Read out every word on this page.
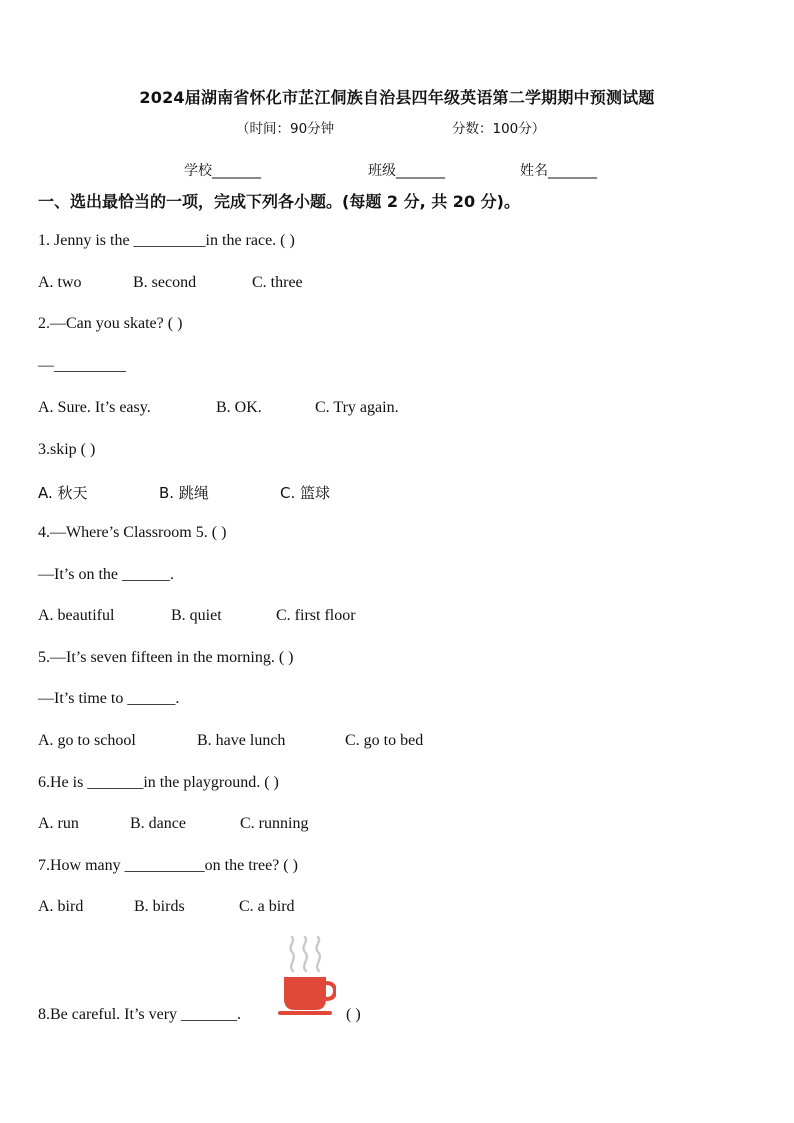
2024届湖南省怀化市芷江侗族自治县四年级英语第二学期期中预测试题
（时间：90分钟	分数：100分）
学校_______	班级_______	姓名_______
一、选出最恰当的一项，完成下列各小题。(每题 2 分, 共 20 分)。
1. Jenny is the _________in the race. ( )
A. two	B. second	C. three
2.—Can you skate? ( )
—_________
A. Sure. It’s easy.	B. OK.	C. Try again.
3.skip ( )
A. 秋天	B. 跳绳	C. 篮球
4.—Where’s Classroom 5. ( )
—It’s on the ______.
A. beautiful	B. quiet	C. first floor
5.—It’s seven fifteen in the morning. ( )
—It’s time to ______.
A. go to school	B. have lunch	C. go to bed
6.He is _______in the playground. ( )
A. run	B. dance	C. running
7.How many __________on the tree? ( )
A. bird	B. birds	C. a bird
8.Be careful. It’s very _______.	( )
